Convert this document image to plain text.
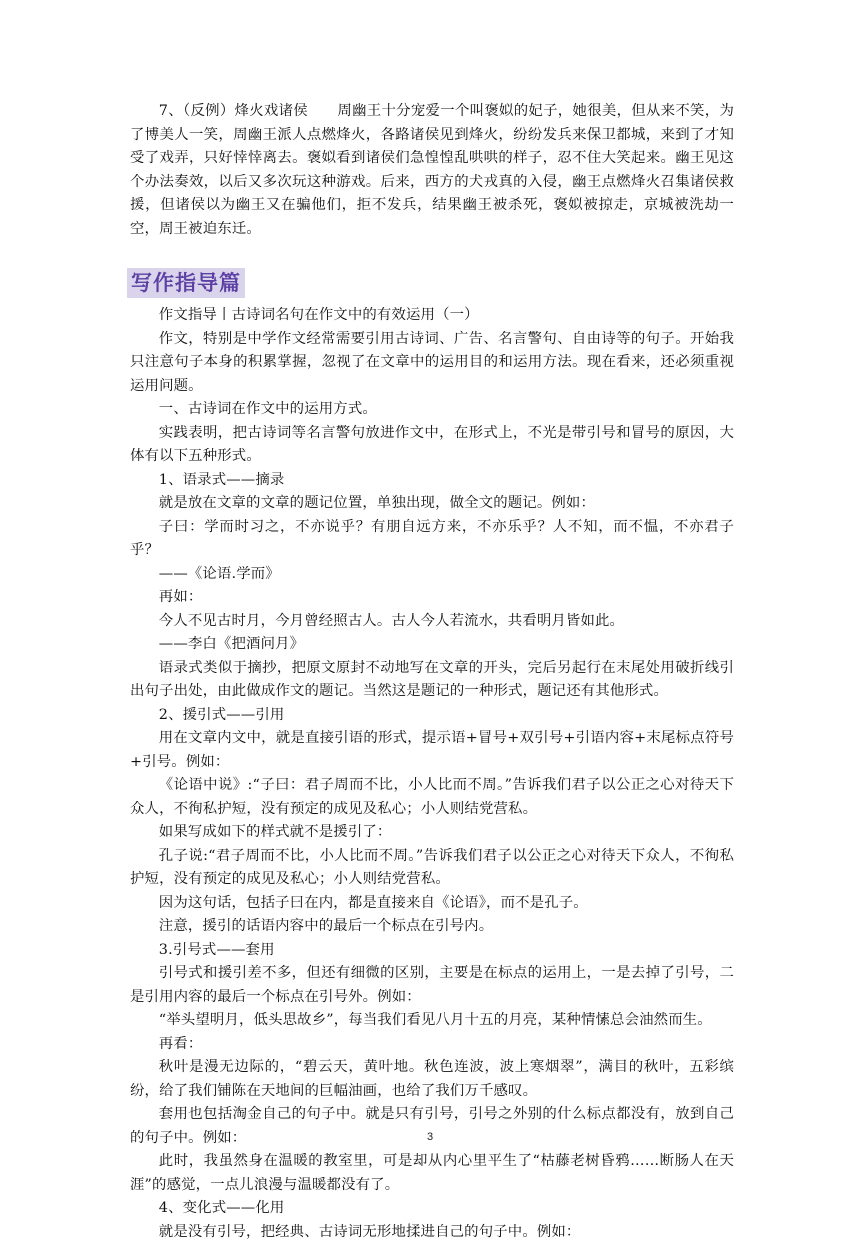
7、（反例）烽火戏诸侯　　周幽王十分宠爱一个叫褒姒的妃子，她很美，但从来不笑，为了博美人一笑，周幽王派人点燃烽火，各路诸侯见到烽火，纷纷发兵来保卫都城，来到了才知受了戏弄，只好悻悻离去。褒姒看到诸侯们急惶惶乱哄哄的样子，忍不住大笑起来。幽王见这个办法奏效，以后又多次玩这种游戏。后来，西方的犬戎真的入侵，幽王点燃烽火召集诸侯救援，但诸侯以为幽王又在骗他们，拒不发兵，结果幽王被杀死，褒姒被掠走，京城被洗劫一空，周王被迫东迁。

写作指导篇

作文指导丨古诗词名句在作文中的有效运用（一）

作文，特别是中学作文经常需要引用古诗词、广告、名言警句、自由诗等的句子。开始我只注意句子本身的积累掌握，忽视了在文章中的运用目的和运用方法。现在看来，还必须重视运用问题。

一、古诗词在作文中的运用方式。

实践表明，把古诗词等名言警句放进作文中，在形式上，不光是带引号和冒号的原因，大体有以下五种形式。

1、语录式——摘录

就是放在文章的文章的题记位置，单独出现，做全文的题记。例如：

子曰：学而时习之，不亦说乎？有朋自远方来，不亦乐乎？人不知，而不愠，不亦君子乎？

——《论语.学而》

再如：

今人不见古时月，今月曾经照古人。古人今人若流水，共看明月皆如此。

——李白《把酒问月》

语录式类似于摘抄，把原文原封不动地写在文章的开头，完后另起行在末尾处用破折线引出句子出处，由此做成作文的题记。当然这是题记的一种形式，题记还有其他形式。

2、援引式——引用

用在文章内文中，就是直接引语的形式，提示语+冒号+双引号+引语内容+末尾标点符号+引号。例如：

《论语中说》:“子曰：君子周而不比，小人比而不周。”告诉我们君子以公正之心对待天下众人，不徇私护短，没有预定的成见及私心；小人则结党营私。

如果写成如下的样式就不是援引了：

孔子说:“君子周而不比，小人比而不周。”告诉我们君子以公正之心对待天下众人，不徇私护短，没有预定的成见及私心；小人则结党营私。

因为这句话，包括子曰在内，都是直接来自《论语》，而不是孔子。

注意，援引的话语内容中的最后一个标点在引号内。

3.引号式——套用

引号式和援引差不多，但还有细微的区别，主要是在标点的运用上，一是去掉了引号，二是引用内容的最后一个标点在引号外。例如：

“举头望明月，低头思故乡”，每当我们看见八月十五的月亮，某种情愫总会油然而生。

再看：

秋叶是漫无边际的，“碧云天，黄叶地。秋色连波，波上寒烟翠”，满目的秋叶，五彩缤纷，给了我们铺陈在天地间的巨幅油画，也给了我们万千感叹。

套用也包括淘金自己的句子中。就是只有引号，引号之外别的什么标点都没有，放到自己的句子中。例如：

此时，我虽然身在温暖的教室里，可是却从内心里平生了“枯藤老树昏鸦……断肠人在天涯”的感觉，一点儿浪漫与温暖都没有了。

4、变化式——化用

就是没有引号，把经典、古诗词无形地揉进自己的句子中。例如：

3
